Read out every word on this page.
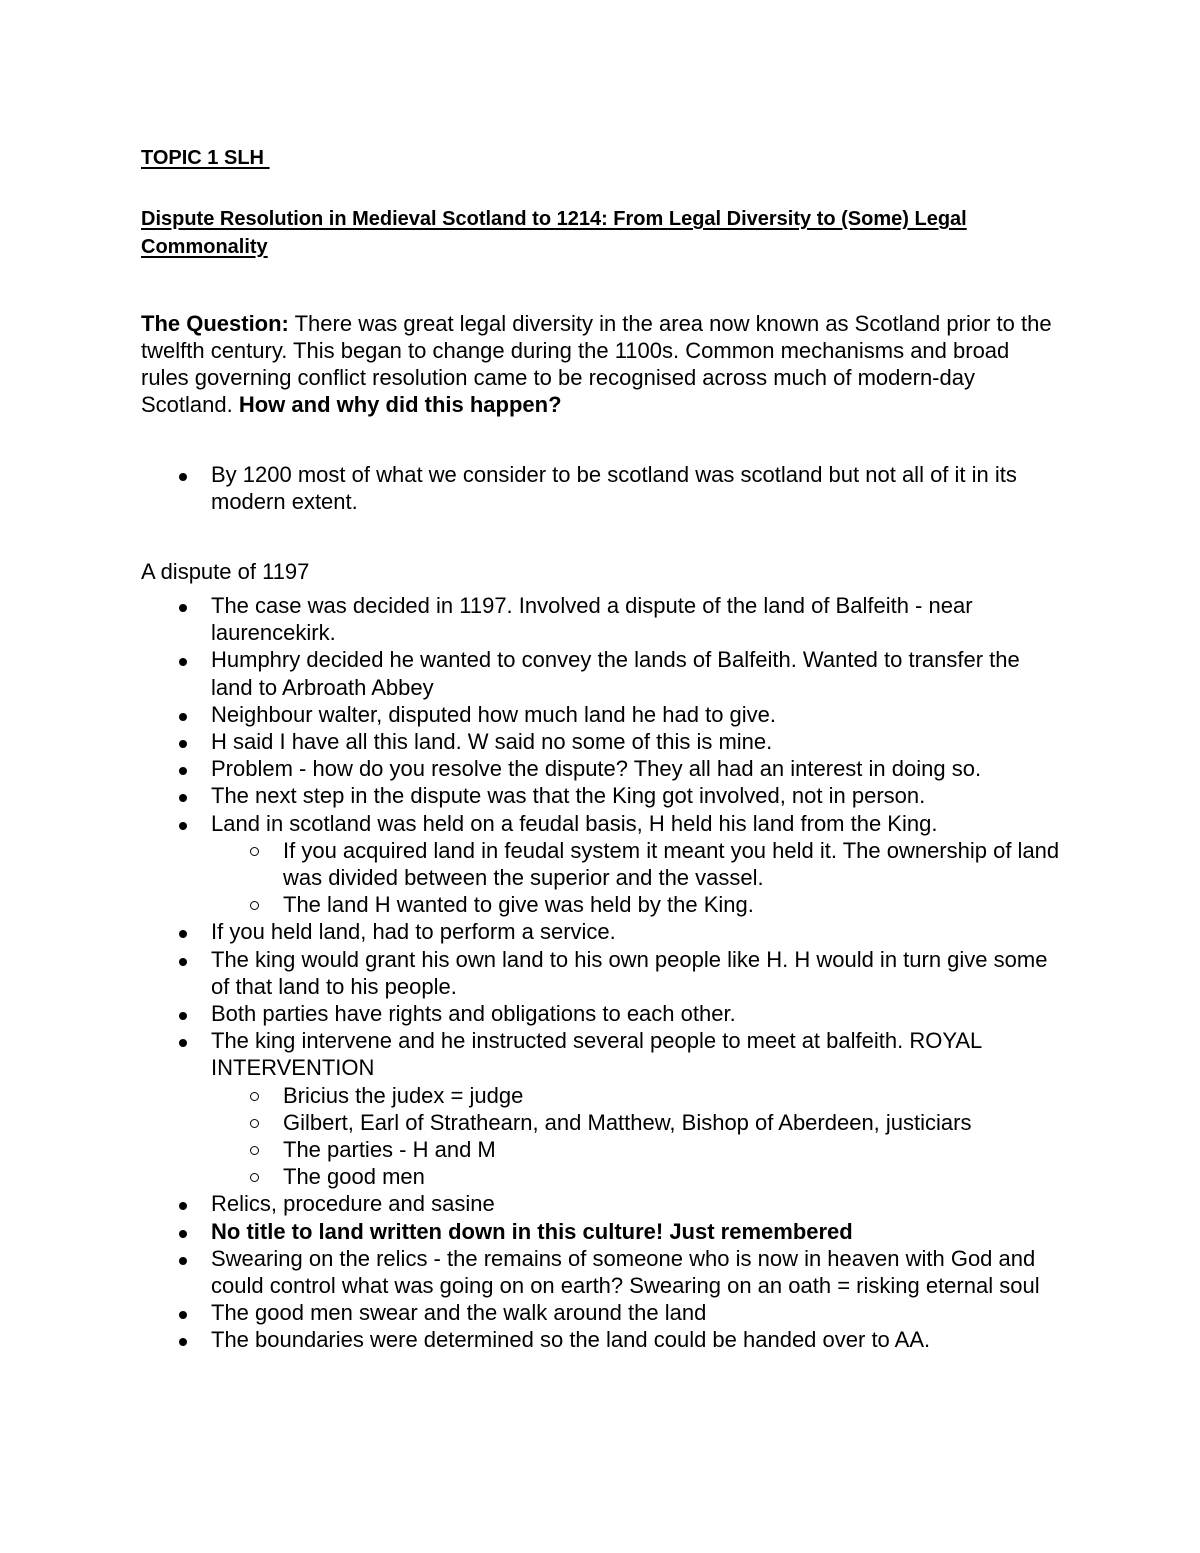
TOPIC 1 SLH
Dispute Resolution in Medieval Scotland to 1214: From Legal Diversity to (Some) Legal Commonality
The Question: There was great legal diversity in the area now known as Scotland prior to the twelfth century. This began to change during the 1100s. Common mechanisms and broad rules governing conflict resolution came to be recognised across much of modern-day Scotland. How and why did this happen?
By 1200 most of what we consider to be scotland was scotland but not all of it in its modern extent.
A dispute of 1197
The case was decided in 1197. Involved a dispute of the land of Balfeith - near laurencekirk.
Humphry decided he wanted to convey the lands of Balfeith. Wanted to transfer the land to Arbroath Abbey
Neighbour walter, disputed how much land he had to give.
H said I have all this land. W said no some of this is mine.
Problem - how do you resolve the dispute? They all had an interest in doing so.
The next step in the dispute was that the King got involved, not in person.
Land in scotland was held on a feudal basis, H held his land from the King.
If you acquired land in feudal system it meant you held it. The ownership of land was divided between the superior and the vassel.
The land H wanted to give was held by the King.
If you held land, had to perform a service.
The king would grant his own land to his own people like H. H would in turn give some of that land to his people.
Both parties have rights and obligations to each other.
The king intervene and he instructed several people to meet at balfeith. ROYAL INTERVENTION
Bricius the judex = judge
Gilbert, Earl of Strathearn, and Matthew, Bishop of Aberdeen, justiciars
The parties - H and M
The good men
Relics, procedure and sasine
No title to land written down in this culture! Just remembered
Swearing on the relics - the remains of someone who is now in heaven with God and could control what was going on on earth? Swearing on an oath = risking eternal soul
The good men swear and the walk around the land
The boundaries were determined so the land could be handed over to AA.
